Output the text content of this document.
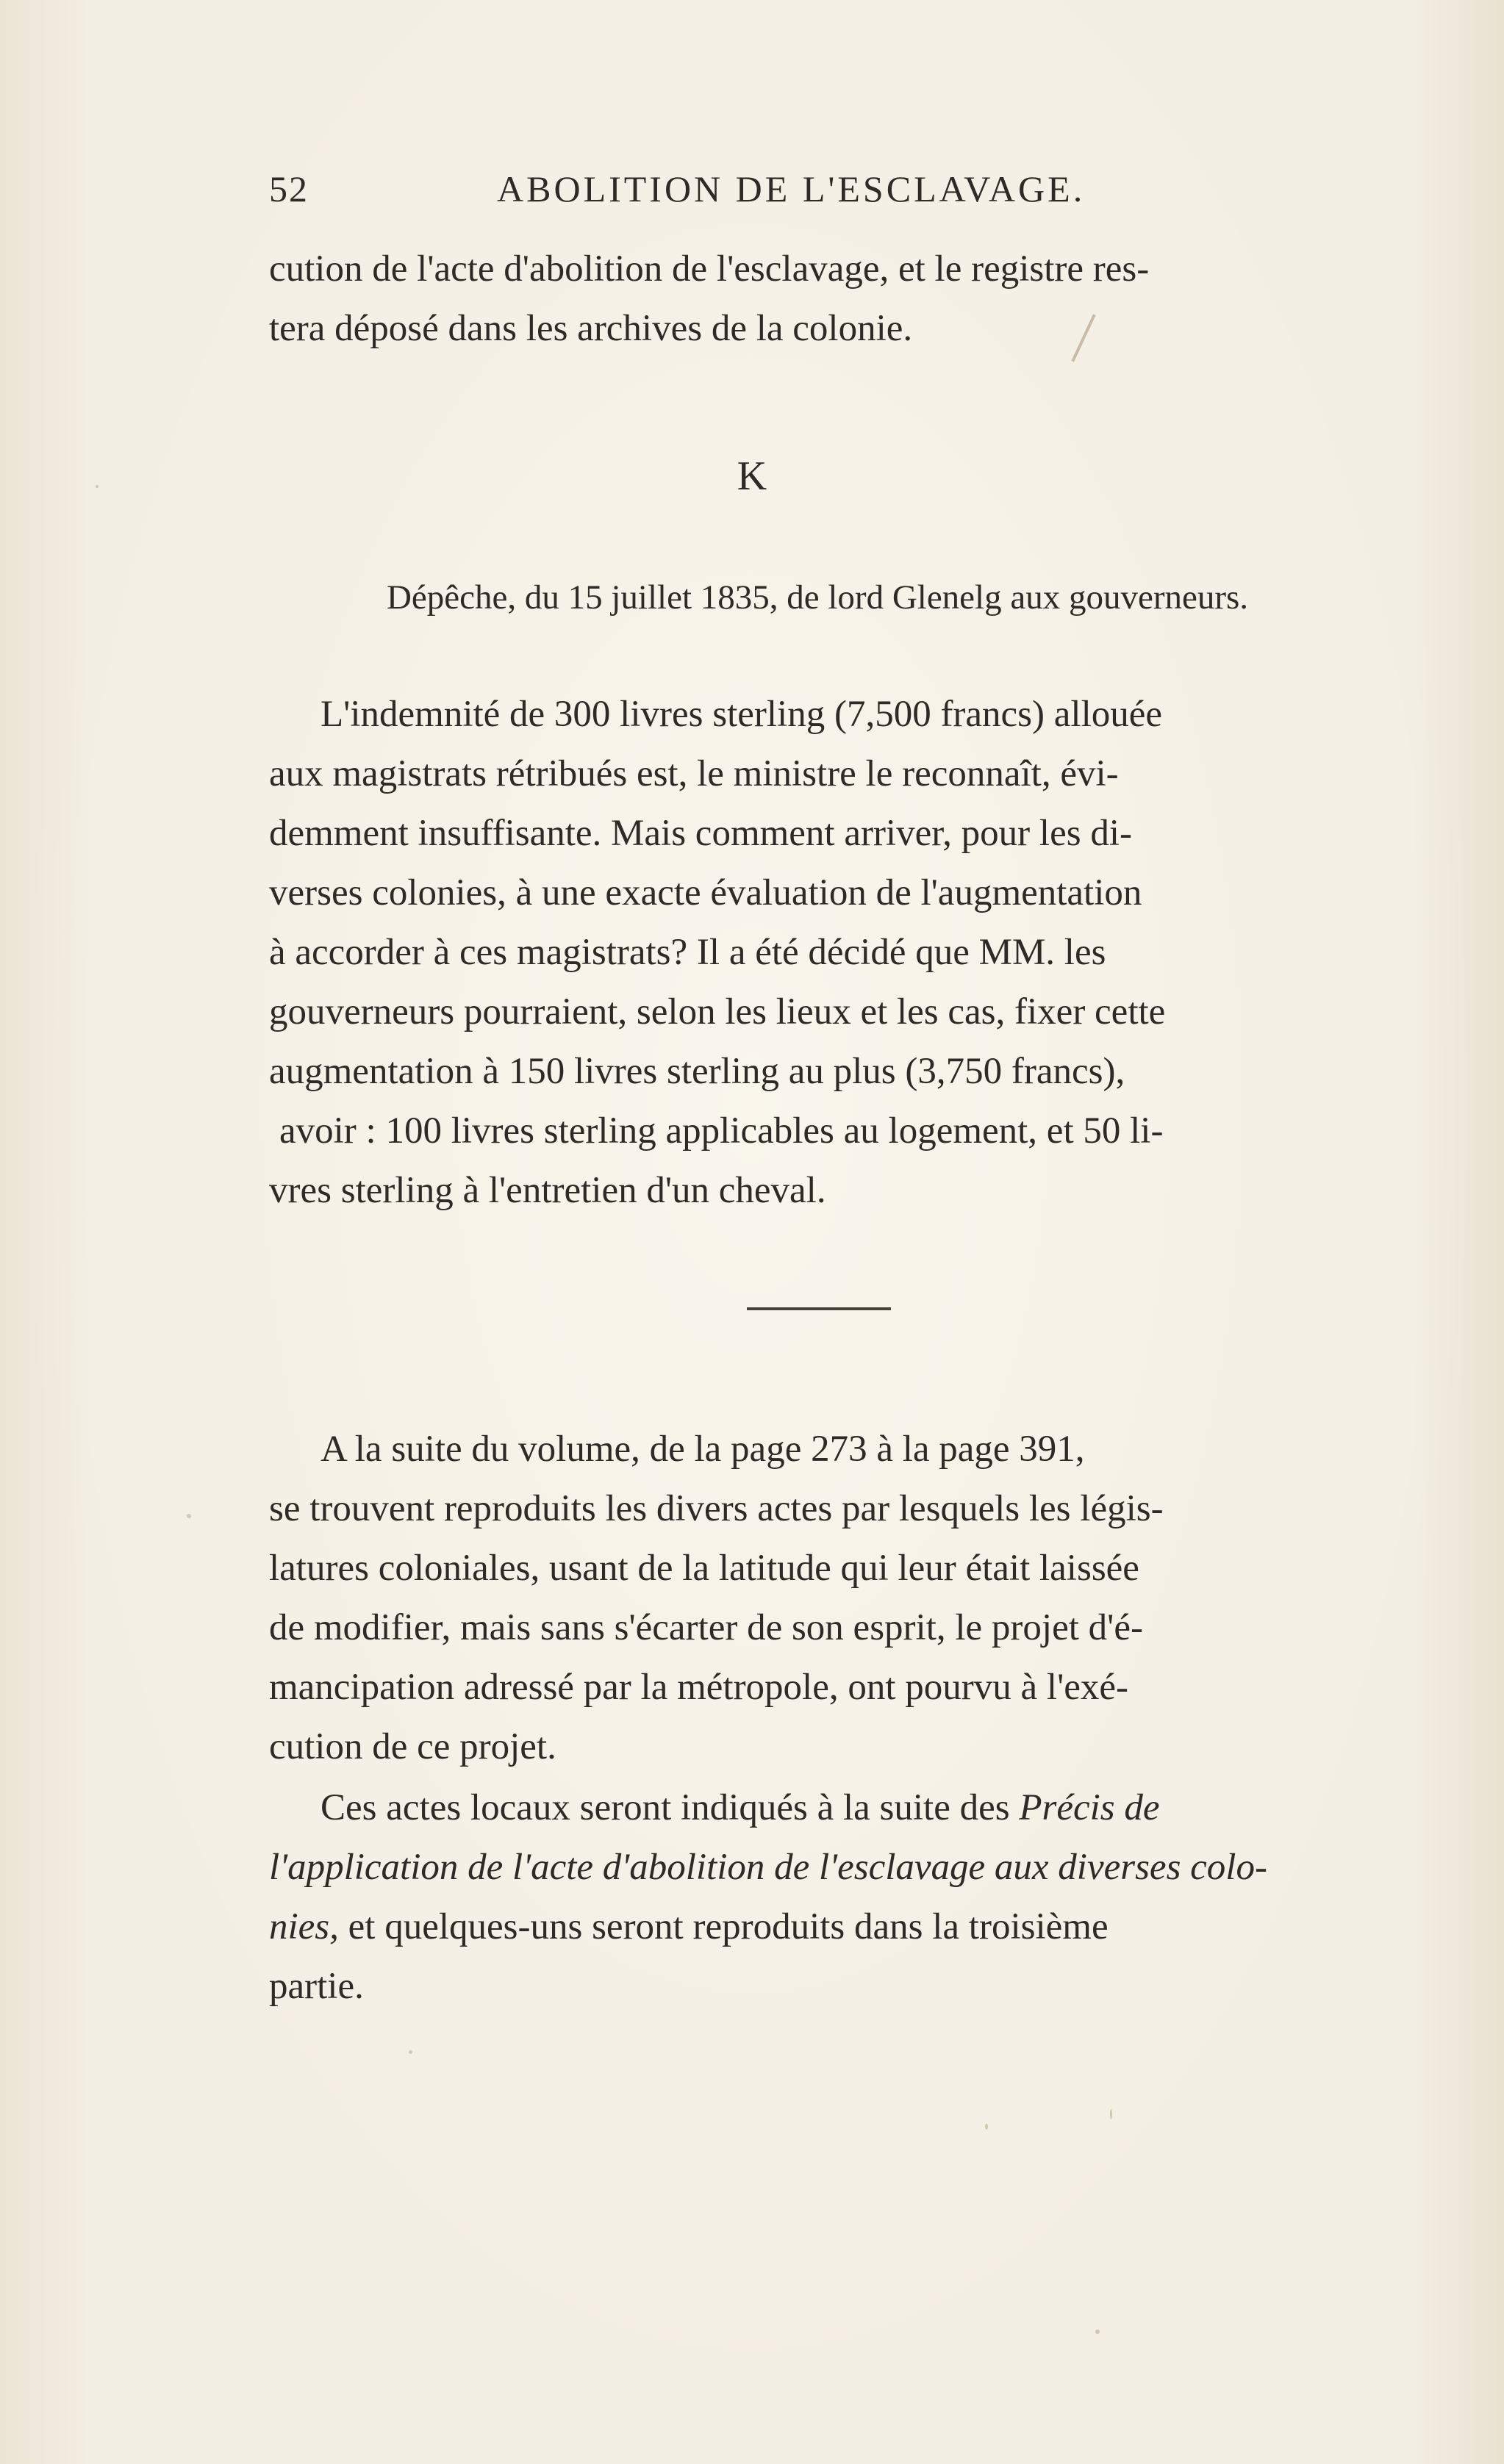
52	ABOLITION DE L'ESCLAVAGE.
cution de l'acte d'abolition de l'esclavage, et le registre res-
tera déposé dans les archives de la colonie.
K
Dépêche, du 15 juillet 1835, de lord Glenelg aux gouverneurs.
L'indemnité de 300 livres sterling (7,500 francs) allouée
aux magistrats rétribués est, le ministre le reconnaît, évi-
demment insuffisante. Mais comment arriver, pour les di-
verses colonies, à une exacte évaluation de l'augmentation
à accorder à ces magistrats? Il a été décidé que MM. les
gouverneurs pourraient, selon les lieux et les cas, fixer cette
augmentation à 150 livres sterling au plus (3,750 francs),
avoir : 100 livres sterling applicables au logement, et 50 li-
vres sterling à l'entretien d'un cheval.
A la suite du volume, de la page 273 à la page 391,
se trouvent reproduits les divers actes par lesquels les légis-
latures coloniales, usant de la latitude qui leur était laissée
de modifier, mais sans s'écarter de son esprit, le projet d'é-
mancipation adressé par la métropole, ont pourvu à l'exé-
cution de ce projet.
Ces actes locaux seront indiqués à la suite des Précis de
l'application de l'acte d'abolition de l'esclavage aux diverses colo-
nies, et quelques-uns seront reproduits dans la troisième
partie.
